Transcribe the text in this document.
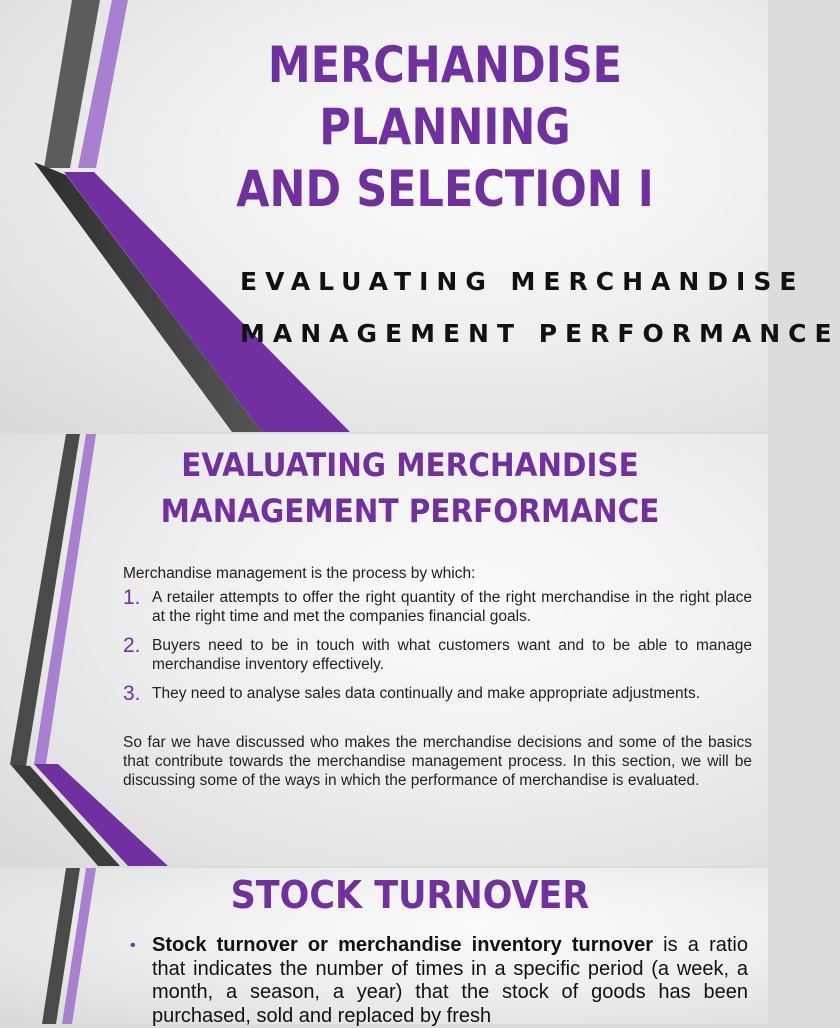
MERCHANDISE PLANNING
AND SELECTION I
EVALUATING MERCHANDISE
MANAGEMENT PERFORMANCE
EVALUATING MERCHANDISE
MANAGEMENT PERFORMANCE

Merchandise management is the process by which:

1. A retailer attempts to offer the right quantity of the right merchandise in the right place at the right time and met the companies financial goals.
2. Buyers need to be in touch with what customers want and to be able to manage merchandise inventory effectively.
3. They need to analyse sales data continually and make appropriate adjustments.

So far we have discussed who makes the merchandise decisions and some of the basics that contribute towards the merchandise management process. In this section, we will be discussing some of the ways in which the performance of merchandise is evaluated.

STOCK TURNOVER
• Stock turnover or merchandise inventory turnover is a ratio that indicates the number of times in a specific period (a week, a month, a season, a year) that the stock of goods has been purchased, sold and replaced by fresh
